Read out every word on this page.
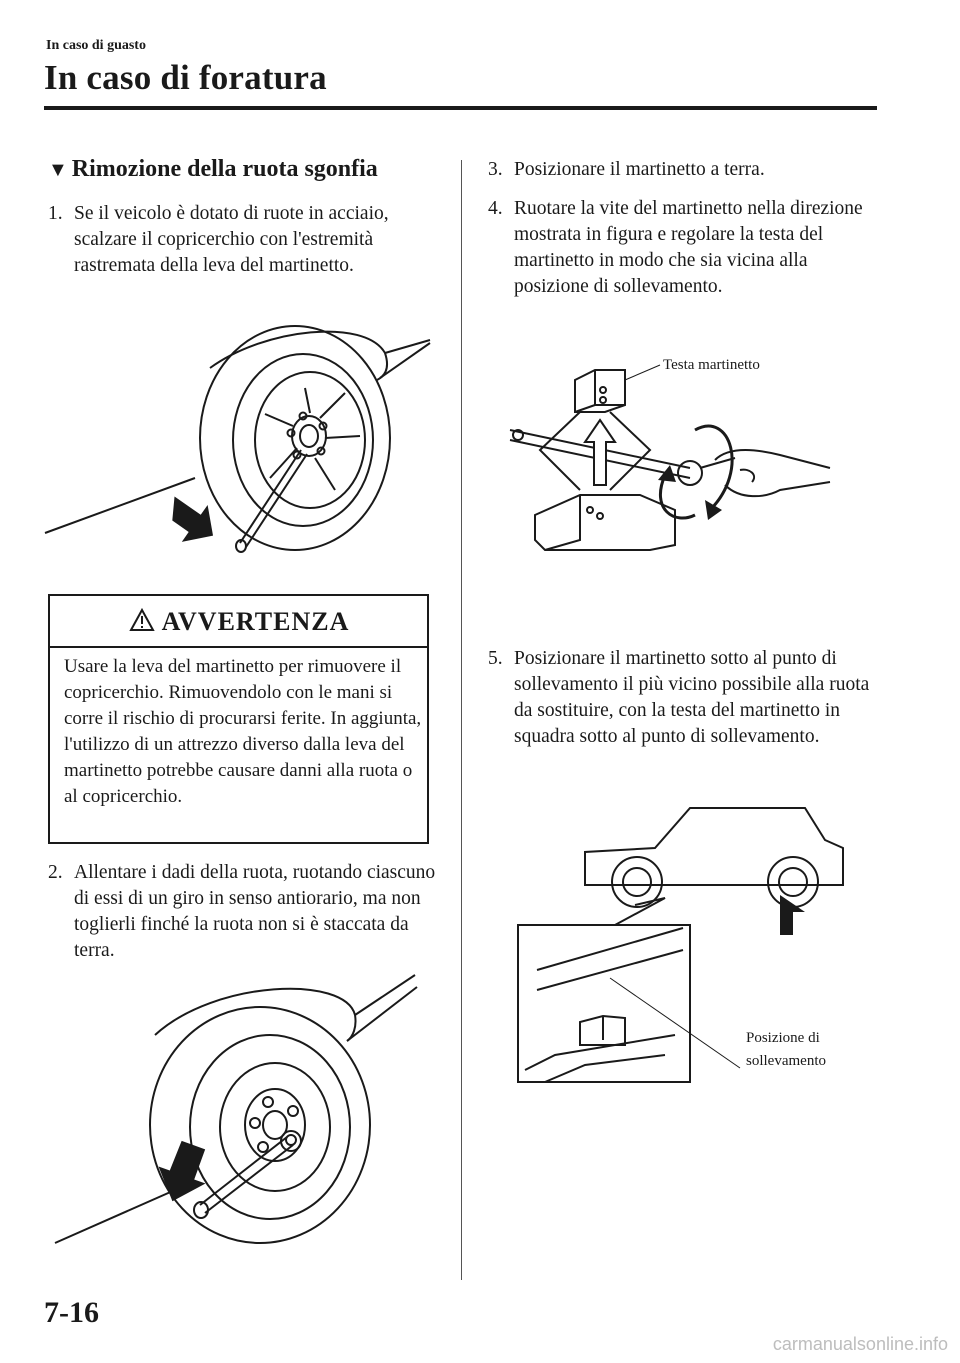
In caso di guasto
In caso di foratura
▼ Rimozione della ruota sgonfia
1. Se il veicolo è dotato di ruote in acciaio, scalzare il copricerchio con l'estremità rastremata della leva del martinetto.
AVVERTENZA
Usare la leva del martinetto per rimuovere il copricerchio. Rimuovendolo con le mani si corre il rischio di procurarsi ferite. In aggiunta, l'utilizzo di un attrezzo diverso dalla leva del martinetto potrebbe causare danni alla ruota o al copricerchio.
2. Allentare i dadi della ruota, ruotando ciascuno di essi di un giro in senso antiorario, ma non toglierli finché la ruota non si è staccata da terra.
3. Posizionare il martinetto a terra.
4. Ruotare la vite del martinetto nella direzione mostrata in figura e regolare la testa del martinetto in modo che sia vicina alla posizione di sollevamento.
Testa martinetto
5. Posizionare il martinetto sotto al punto di sollevamento il più vicino possibile alla ruota da sostituire, con la testa del martinetto in squadra sotto al punto di sollevamento.
Posizione di
sollevamento
7-16
carmanualsonline.info
